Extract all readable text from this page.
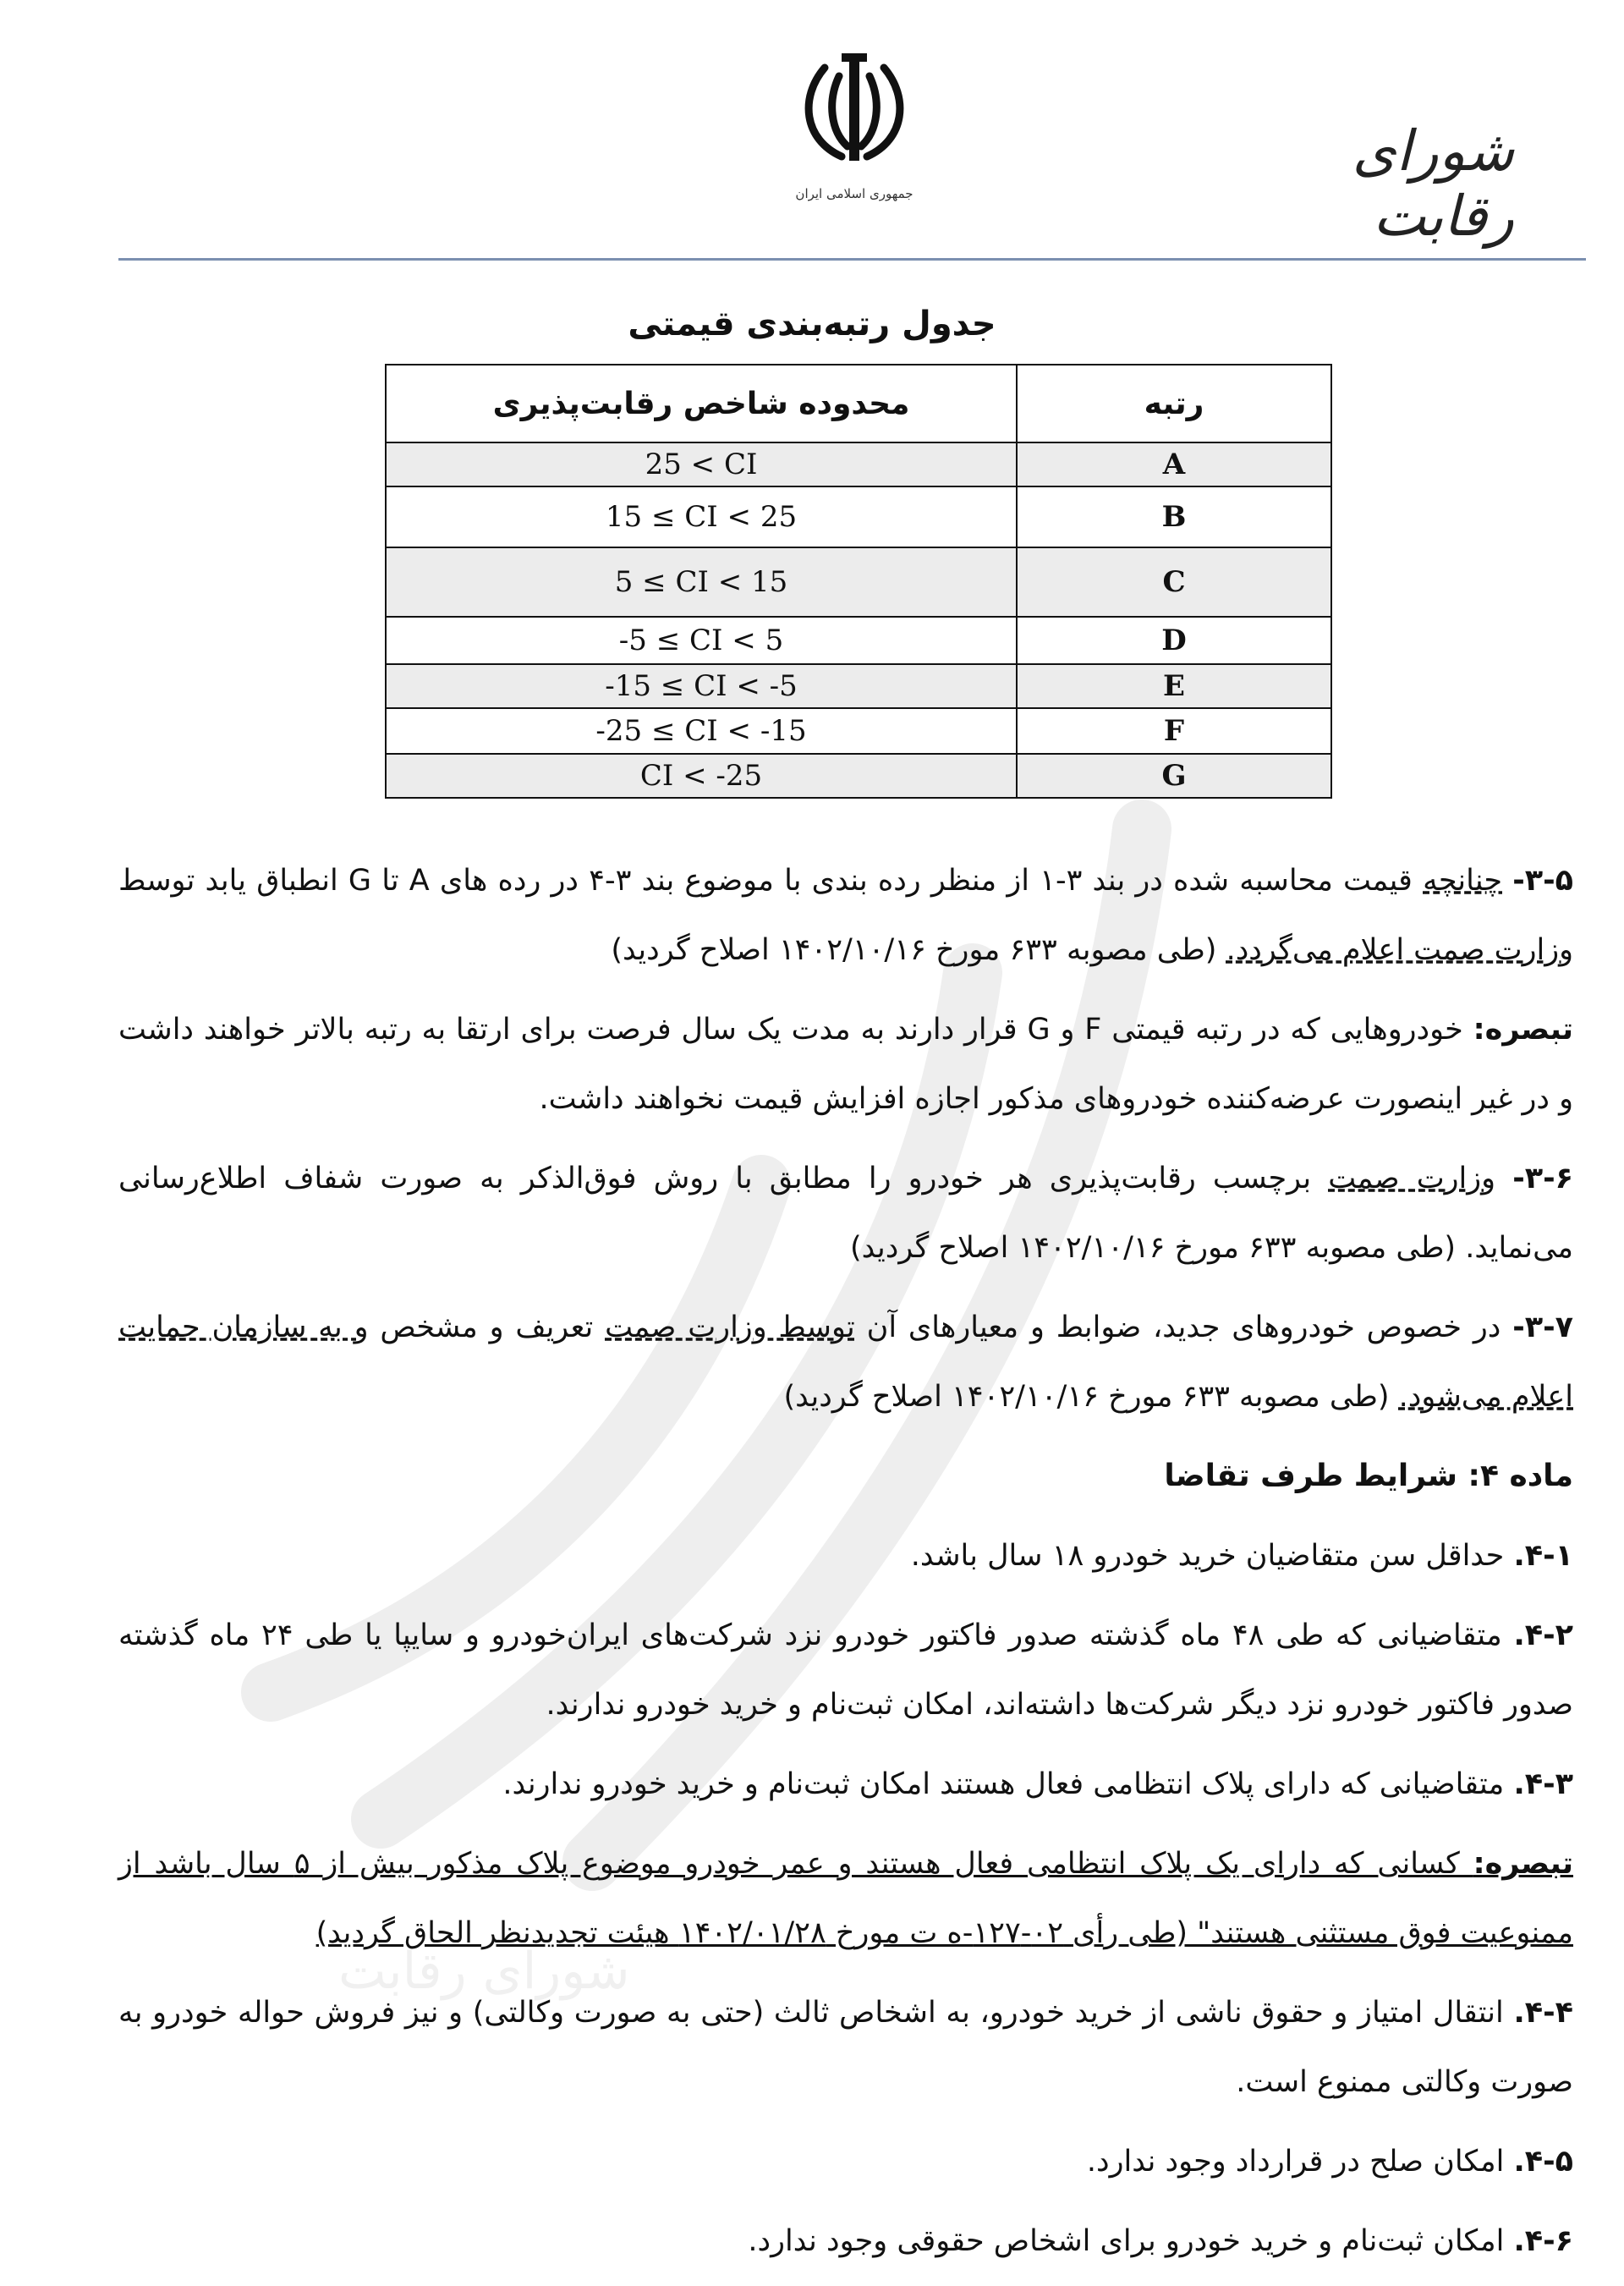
شورای رقابت
جمهوری اسلامی ایران
شورای رقابت
جدول رتبه‌بندی قیمتی
رتبه	محدوده شاخص رقابت‌پذیری
A	25 < CI
B	15 ≤ CI < 25
C	5 ≤ CI < 15
D	-5 ≤ CI < 5
E	-15 ≤ CI < -5
F	-25 ≤ CI < -15
G	CI < -25

۳-۵- چنانچه قیمت محاسبه شده در بند ۳-۱ از منظر رده بندی با موضوع بند ۳-۴ در رده های A تا G انطباق یابد توسط وزارت صمت اعلام می‌گردد. (طی مصوبه ۶۳۳ مورخ ۱۴۰۲/۱۰/۱۶ اصلاح گردید)

تبصره: خودروهایی که در رتبه قیمتی F و G قرار دارند به مدت یک سال فرصت برای ارتقا به رتبه بالاتر خواهند داشت و در غیر اینصورت عرضه‌کننده خودروهای مذکور اجازه افزایش قیمت نخواهند داشت.

۳-۶- وزارت صمت برچسب رقابت‌پذیری هر خودرو را مطابق با روش فوق‌الذکر به صورت شفاف اطلاع‌رسانی می‌نماید. (طی مصوبه ۶۳۳ مورخ ۱۴۰۲/۱۰/۱۶ اصلاح گردید)

۳-۷- در خصوص خودروهای جدید، ضوابط و معیارهای آن توسط وزارت صمت تعریف و مشخص و به سازمان حمایت اعلام می‌شود. (طی مصوبه ۶۳۳ مورخ ۱۴۰۲/۱۰/۱۶ اصلاح گردید)

ماده ۴: شرایط طرف تقاضا

۴-۱. حداقل سن متقاضیان خرید خودرو ۱۸ سال باشد.

۴-۲. متقاضیانی که طی ۴۸ ماه گذشته صدور فاکتور خودرو نزد شرکت‌های ایران‌خودرو و سایپا یا طی ۲۴ ماه گذشته صدور فاکتور خودرو نزد دیگر شرکت‌ها داشته‌اند، امکان ثبت‌نام و خرید خودرو ندارند.

۴-۳. متقاضیانی که دارای پلاک انتظامی فعال هستند امکان ثبت‌نام و خرید خودرو ندارند.

تبصره: کسانی که دارای یک پلاک انتظامی فعال هستند و عمر خودرو موضوع پلاک مذکور بیش از ۵ سال باشد از ممنوعیت فوق مستثنی هستند" (طی رأی ۰۲-۱۲۷-ه ت مورخ ۱۴۰۲/۰۱/۲۸ هیئت تجدیدنظر الحاق گردید)

۴-۴. انتقال امتیاز و حقوق ناشی از خرید خودرو، به اشخاص ثالث (حتی به صورت وکالتی) و نیز فروش حواله خودرو به صورت وکالتی ممنوع است.

۴-۵. امکان صلح در قرارداد وجود ندارد.

۴-۶. امکان ثبت‌نام و خرید خودرو برای اشخاص حقوقی وجود ندارد.
